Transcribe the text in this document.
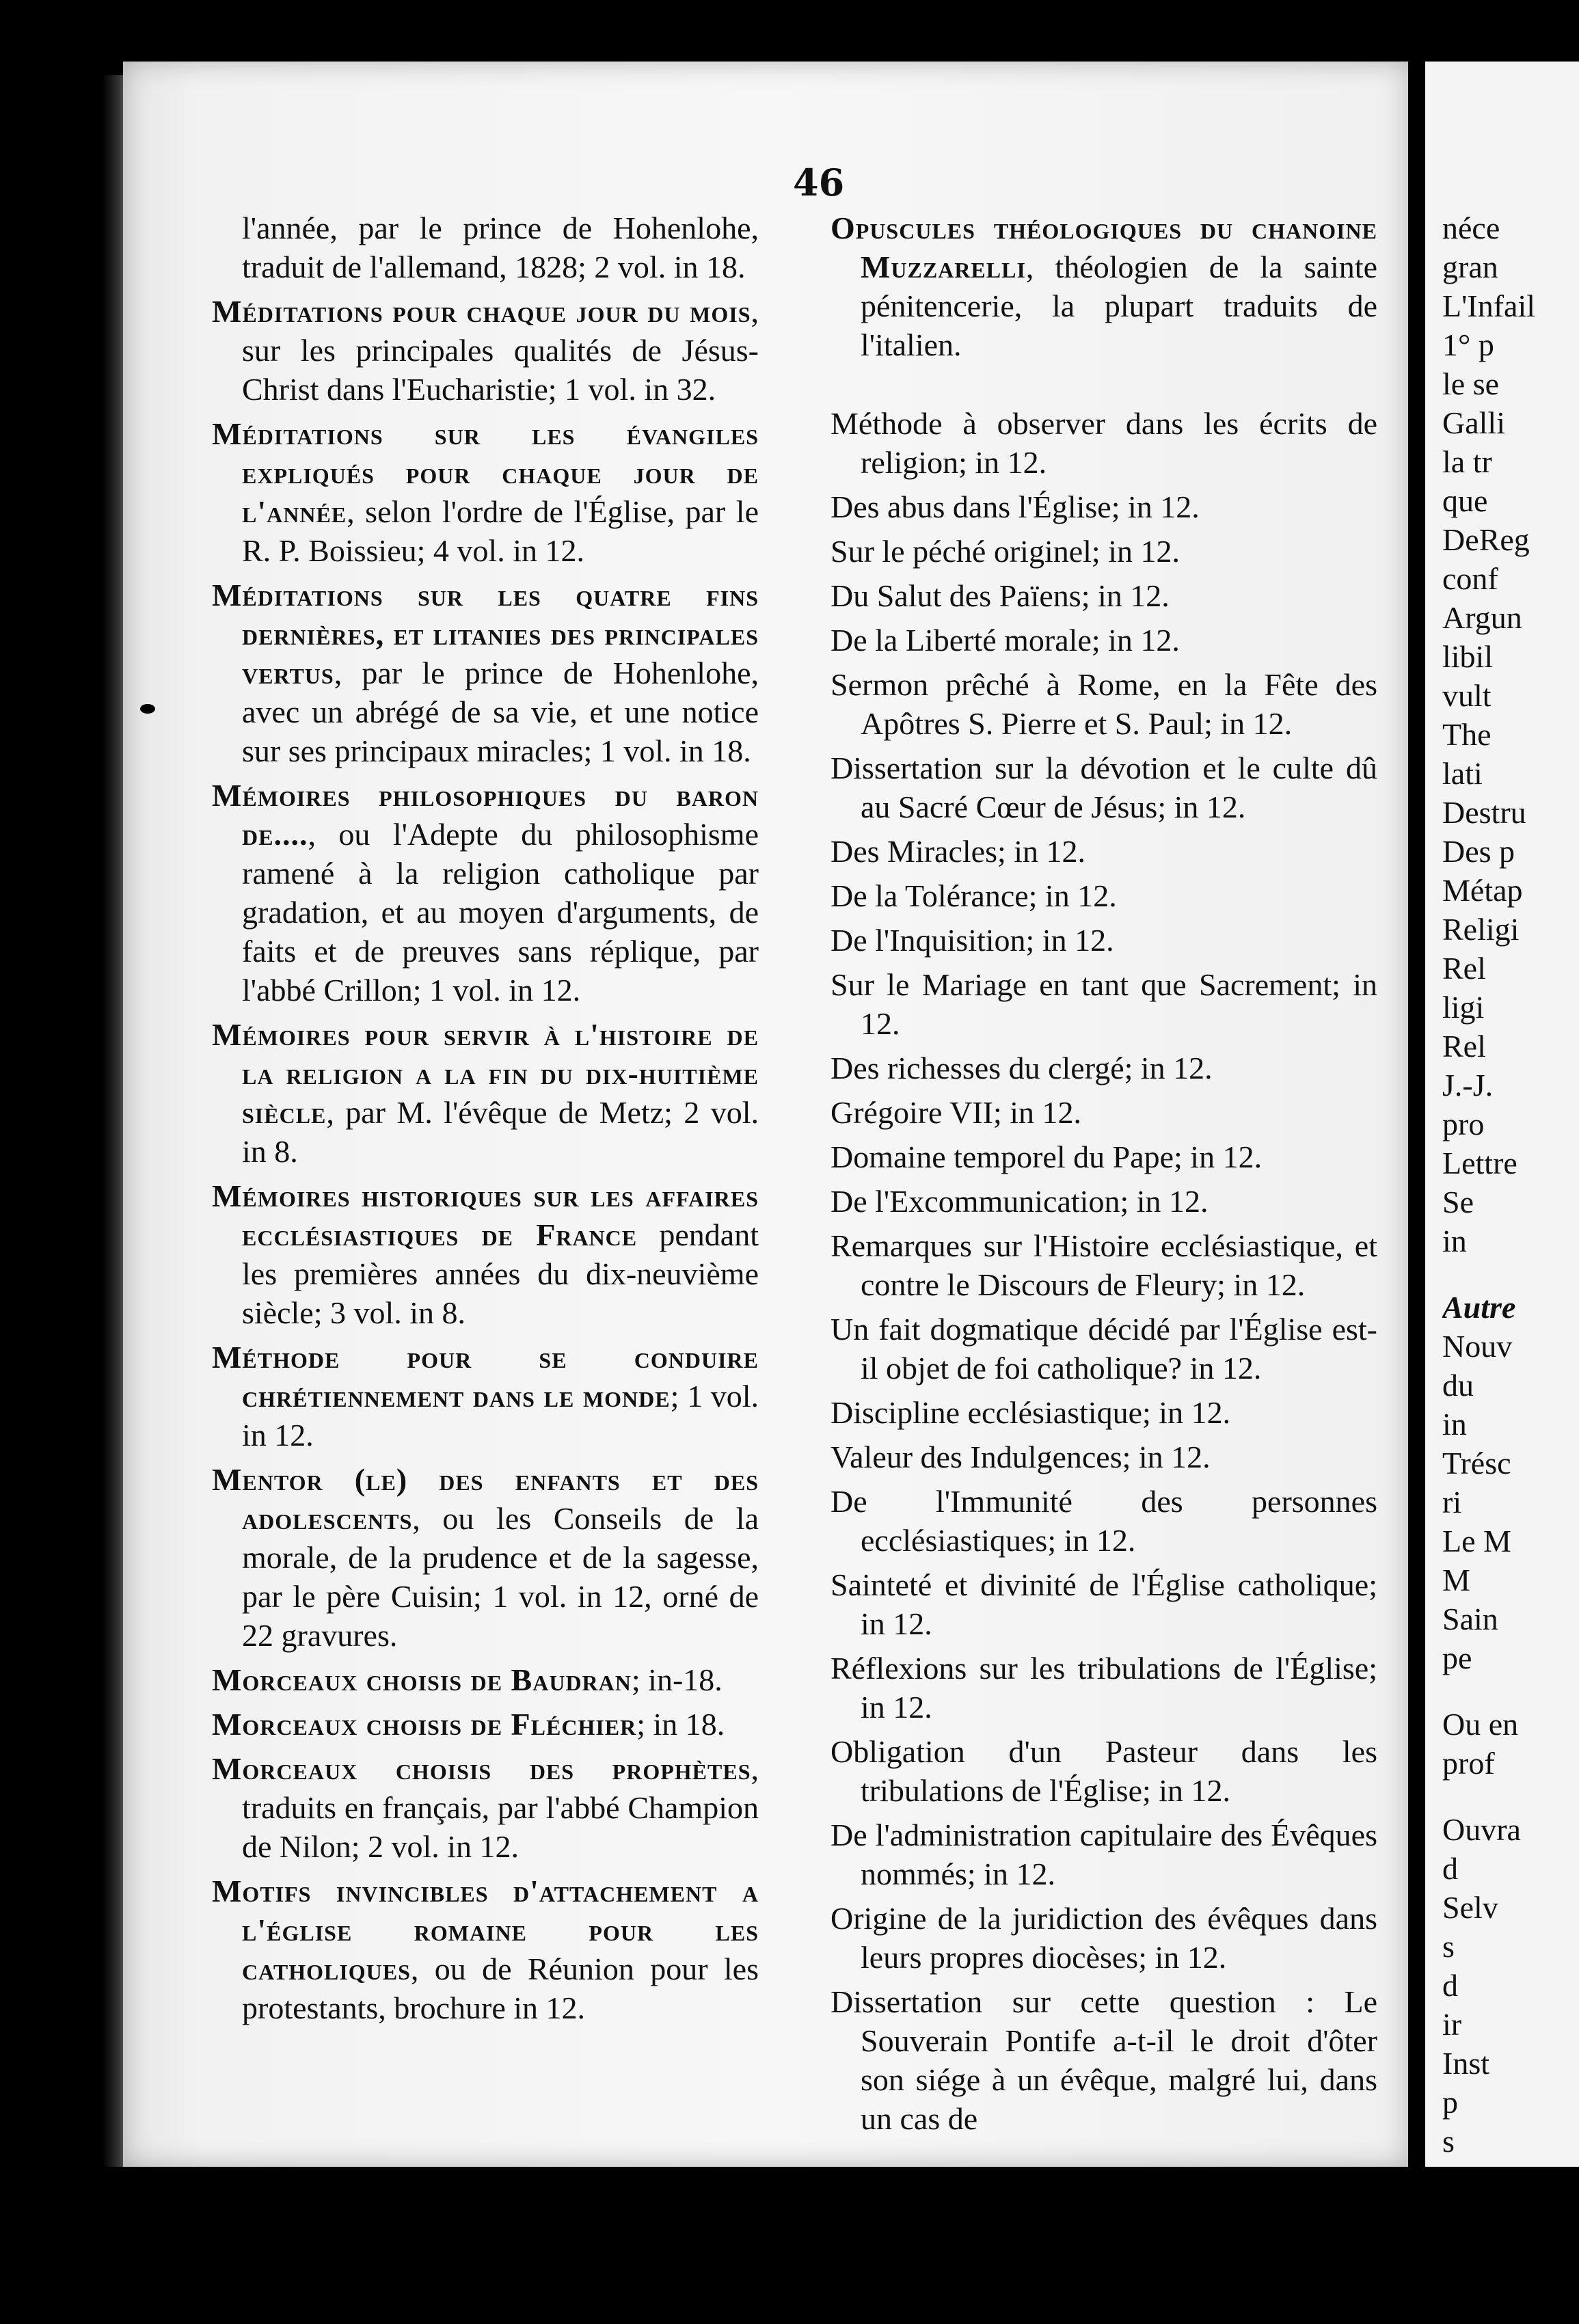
46

l'année, par le prince de Hohenlohe, traduit de l'allemand, 1828; 2 vol. in 18.

Méditations pour chaque jour du mois, sur les principales qualités de Jésus-Christ dans l'Eucharistie; 1 vol. in 32.

Méditations sur les évangiles expliqués pour chaque jour de l'année, selon l'ordre de l'Église, par le R. P. Boissieu; 4 vol. in 12.

Méditations sur les quatre fins dernières, et litanies des principales vertus, par le prince de Hohenlohe, avec un abrégé de sa vie, et une notice sur ses principaux miracles; 1 vol. in 18.

Mémoires philosophiques du baron de...., ou l'Adepte du philosophisme ramené à la religion catholique par gradation, et au moyen d'arguments, de faits et de preuves sans réplique, par l'abbé Crillon; 1 vol. in 12.

Mémoires pour servir à l'histoire de la religion a la fin du dix-huitième siècle, par M. l'évêque de Metz; 2 vol. in 8.

Mémoires historiques sur les affaires ecclésiastiques de France pendant les premières années du dix-neuvième siècle; 3 vol. in 8.

Méthode pour se conduire chrétiennement dans le monde; 1 vol. in 12.

Mentor (le) des enfants et des adolescents, ou les Conseils de la morale, de la prudence et de la sagesse, par le père Cuisin; 1 vol. in 12, orné de 22 gravures.

Morceaux choisis de Baudran; in-18.

Morceaux choisis de Fléchier; in 18.

Morceaux choisis des prophètes, traduits en français, par l'abbé Champion de Nilon; 2 vol. in 12.

Motifs invincibles d'attachement a l'église romaine pour les catholiques, ou de Réunion pour les protestants, brochure in 12.

Opuscules théologiques du chanoine Muzzarelli, théologien de la sainte pénitencerie, la plupart traduits de l'italien.

Méthode à observer dans les écrits de religion; in 12.

Des abus dans l'Église; in 12.

Sur le péché originel; in 12.

Du Salut des Païens; in 12.

De la Liberté morale; in 12.

Sermon prêché à Rome, en la Fête des Apôtres S. Pierre et S. Paul; in 12.

Dissertation sur la dévotion et le culte dû au Sacré Cœur de Jésus; in 12.

Des Miracles; in 12.

De la Tolérance; in 12.

De l'Inquisition; in 12.

Sur le Mariage en tant que Sacrement; in 12.

Des richesses du clergé; in 12.

Grégoire VII; in 12.

Domaine temporel du Pape; in 12.

De l'Excommunication; in 12.

Remarques sur l'Histoire ecclésiastique, et contre le Discours de Fleury; in 12.

Un fait dogmatique décidé par l'Église est-il objet de foi catholique? in 12.

Discipline ecclésiastique; in 12.

Valeur des Indulgences; in 12.

De l'Immunité des personnes ecclésiastiques; in 12.

Sainteté et divinité de l'Église catholique; in 12.

Réflexions sur les tribulations de l'Église; in 12.

Obligation d'un Pasteur dans les tribulations de l'Église; in 12.

De l'administration capitulaire des Évêques nommés; in 12.

Origine de la juridiction des évêques dans leurs propres diocèses; in 12.

Dissertation sur cette question : Le Souverain Pontife a-t-il le droit d'ôter son siége à un évêque, malgré lui, dans un cas de

néce
gran
L'Infail
1° p
le se
Galli
la tr
que
DeReg
conf
Argun
libil
vult
The
lati
Destru
Des p
Métap
Religi
Rel
ligi
Rel
J.-J.
pro
Lettre
Se
in
Autre
Nouv
du
in
Trésc
ri
Le M
M
Sain
pe
Ou en
prof
Ouvra
d
Selv
s
d
ir
Inst
p
s
